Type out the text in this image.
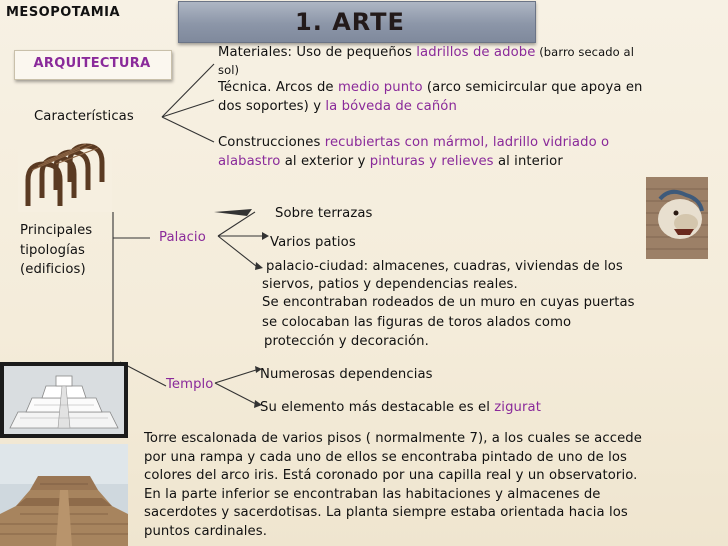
MESOPOTAMIA	1. ARTE
ARQUITECTURA
Características
Materiales: Uso de pequeños ladrillos de adobe (barro secado al
sol)
Técnica. Arcos de medio punto (arco semicircular que apoya en
dos soportes) y la bóveda de cañón
Construcciones recubiertas con mármol, ladrillo vidriado o
alabastro al exterior y pinturas y relieves al interior
Principales
tipologías
(edificios)
Palacio
Sobre terrazas
Varios patios
palacio-ciudad: almacenes, cuadras, viviendas de los
siervos, patios y dependencias reales.
Se encontraban rodeados de un muro en cuyas puertas
se colocaban las figuras de toros alados como
protección y decoración.
Templo
Numerosas dependencias
Su elemento más destacable es el zigurat
Torre escalonada de varios pisos ( normalmente 7), a los cuales se accede
por una rampa y cada uno de ellos se encontraba pintado de uno de los
colores del arco iris. Está coronado por una capilla real y un observatorio.
En la parte inferior se encontraban las habitaciones y almacenes de
sacerdotes y sacerdotisas. La planta siempre estaba orientada hacia los
puntos cardinales.
